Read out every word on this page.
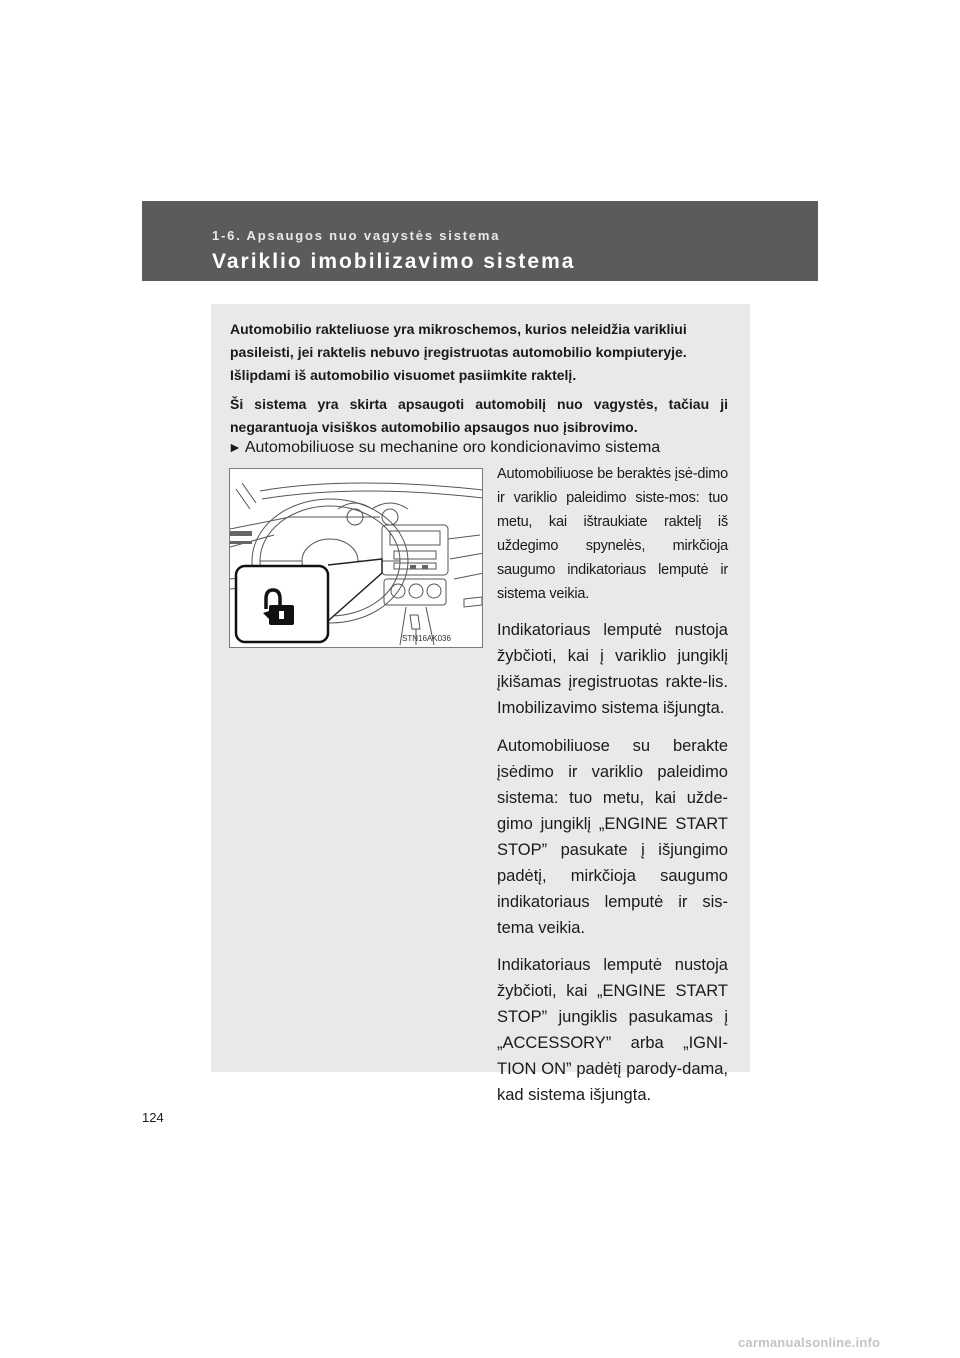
1-6. Apsaugos nuo vagystės sistema
Variklio imobilizavimo sistema

Automobilio rakteliuose yra mikroschemos, kurios neleidžia varikliui

pasileisti, jei raktelis nebuvo įregistruotas automobilio kompiuteryje.

Išlipdami iš automobilio visuomet pasiimkite raktelį.

Ši sistema yra skirta apsaugoti automobilį nuo vagystės, tačiau ji negarantuoja visiškos automobilio apsaugos nuo įsibrovimo.

► Automobiliuose su mechanine oro kondicionavimo sistema
STN16AK036

Automobiliuose be beraktės įsė-dimo ir variklio paleidimo siste-mos: tuo metu, kai ištraukiate raktelį iš uždegimo spynelės, mirkčioja saugumo indikatoriaus lemputė ir sistema veikia.

Indikatoriaus lemputė nustoja žybčioti, kai į variklio jungiklį įkišamas įregistruotas rakte-lis. Imobilizavimo sistema išjungta.

Automobiliuose su berakte įsėdimo ir variklio paleidimo sistema: tuo metu, kai užde-gimo jungiklį „ENGINE START STOP” pasukate į išjungimo padėtį, mirkčioja saugumo indikatoriaus lemputė ir sis-tema veikia.

Indikatoriaus lemputė nustoja žybčioti, kai „ENGINE START STOP” jungiklis pasukamas į „ACCESSORY” arba „IGNI-TION ON” padėtį parody-dama, kad sistema išjungta.

124
carmanualsonline.info
